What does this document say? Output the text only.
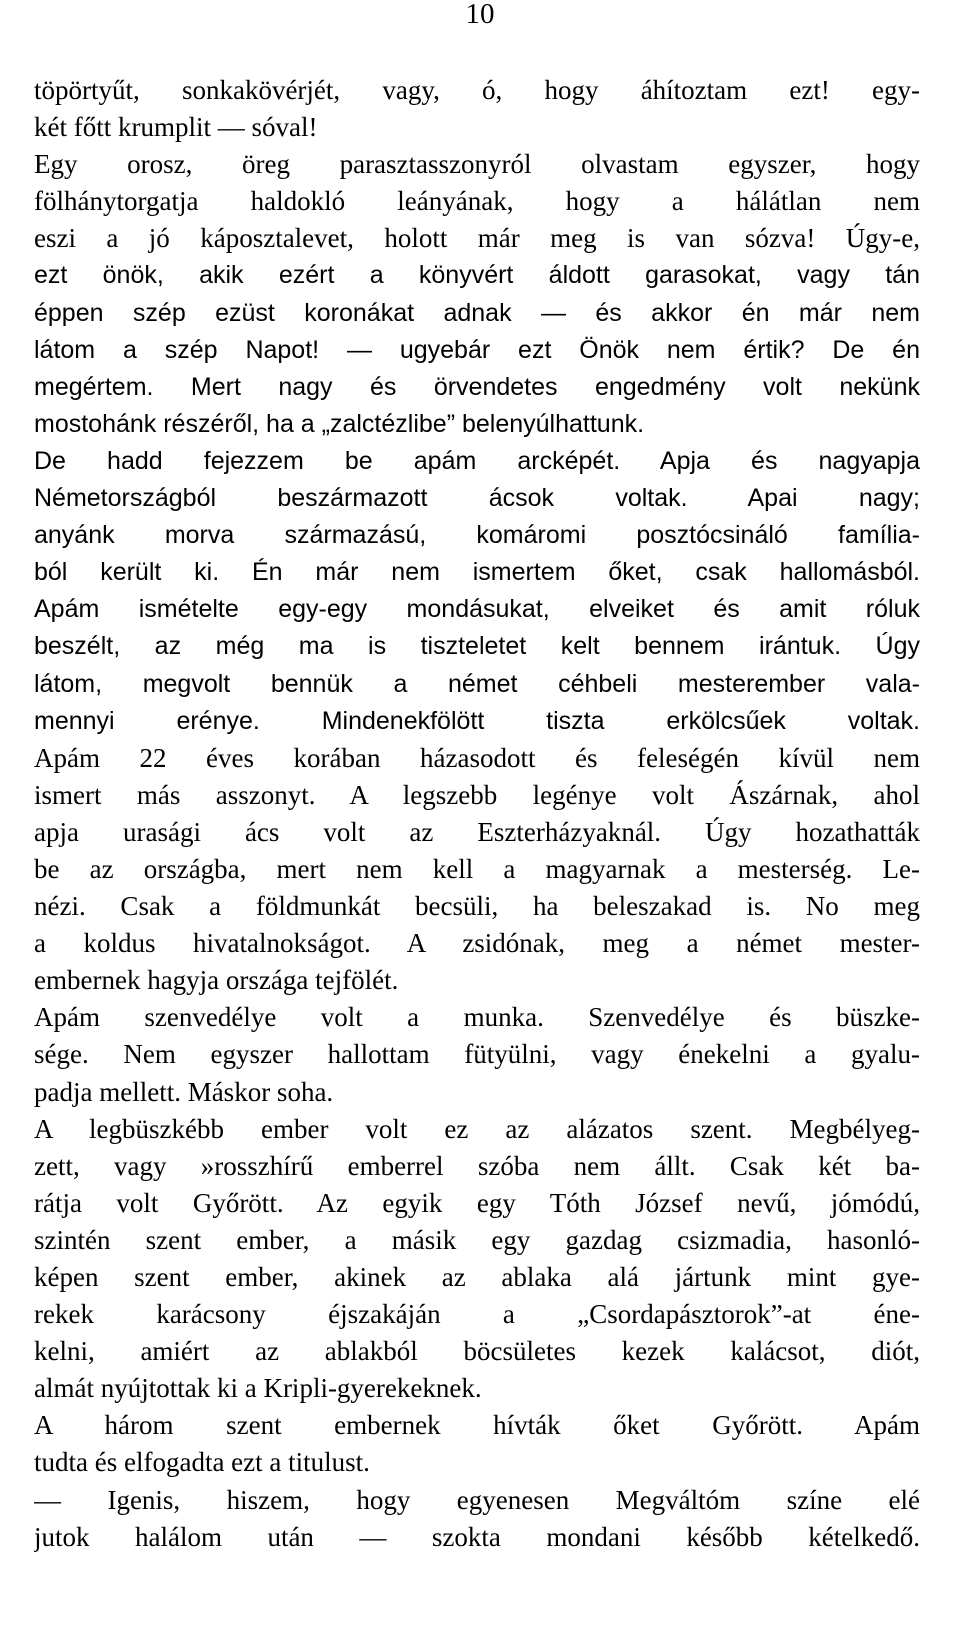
10
töpörtyűt, sonkakövérjét, vagy, ó, hogy áhítoztam ezt! egy-
két főtt krumplit — sóval!
Egy orosz, öreg parasztasszonyról olvastam egyszer, hogy
fölhánytorgatja haldokló leányának, hogy a hálátlan nem
eszi a jó káposztalevet, holott már meg is van sózva! Úgy-e,
ezt önök, akik ezért a könyvért áldott garasokat, vagy tán
éppen szép ezüst koronákat adnak — és akkor én már nem
látom a szép Napot! — ugyebár ezt Önök nem értik? De én
megértem. Mert nagy és örvendetes engedmény volt nekünk
mostohánk részéről, ha a „zalctézlibe” belenyúlhattunk.
De hadd fejezzem be apám arcképét. Apja és nagyapja
Németországból beszármazott ácsok voltak. Apai nagy;
anyánk morva származású, komáromi posztócsináló família-
ból került ki. Én már nem ismertem őket, csak hallomásból.
Apám ismételte egy-egy mondásukat, elveiket és amit róluk
beszélt, az még ma is tiszteletet kelt bennem irántuk. Úgy
látom, megvolt bennük a német céhbeli mesterember vala-
mennyi erénye. Mindenekfölött tiszta erkölcsűek voltak.
Apám 22 éves korában házasodott és feleségén kívül nem
ismert más asszonyt. A legszebb legénye volt Ászárnak, ahol
apja urasági ács volt az Eszterházyaknál. Úgy hozathatták
be az országba, mert nem kell a magyarnak a mesterség. Le-
nézi. Csak a földmunkát becsüli, ha beleszakad is. No meg
a koldus hivatalnokságot. A zsidónak, meg a német mester-
embernek hagyja országa tejfölét.
Apám szenvedélye volt a munka. Szenvedélye és büszke-
sége. Nem egyszer hallottam fütyülni, vagy énekelni a gyalu-
padja mellett. Máskor soha.
A legbüszkébb ember volt ez az alázatos szent. Megbélyeg-
zett, vagy »rosszhírű emberrel szóba nem állt. Csak két ba-
rátja volt Győrött. Az egyik egy Tóth József nevű, jómódú,
szintén szent ember, a másik egy gazdag csizmadia, hasonló-
képen szent ember, akinek az ablaka alá jártunk mint gye-
rekek karácsony éjszakáján a „Csordapásztorok”-at éne-
kelni, amiért az ablakból böcsületes kezek kalácsot, diót,
almát nyújtottak ki a Kripli-gyerekeknek.
A három szent embernek hívták őket Győrött. Apám
tudta és elfogadta ezt a titulust.
— Igenis, hiszem, hogy egyenesen Megváltóm színe elé
jutok halálom után — szokta mondani később kételkedő.
